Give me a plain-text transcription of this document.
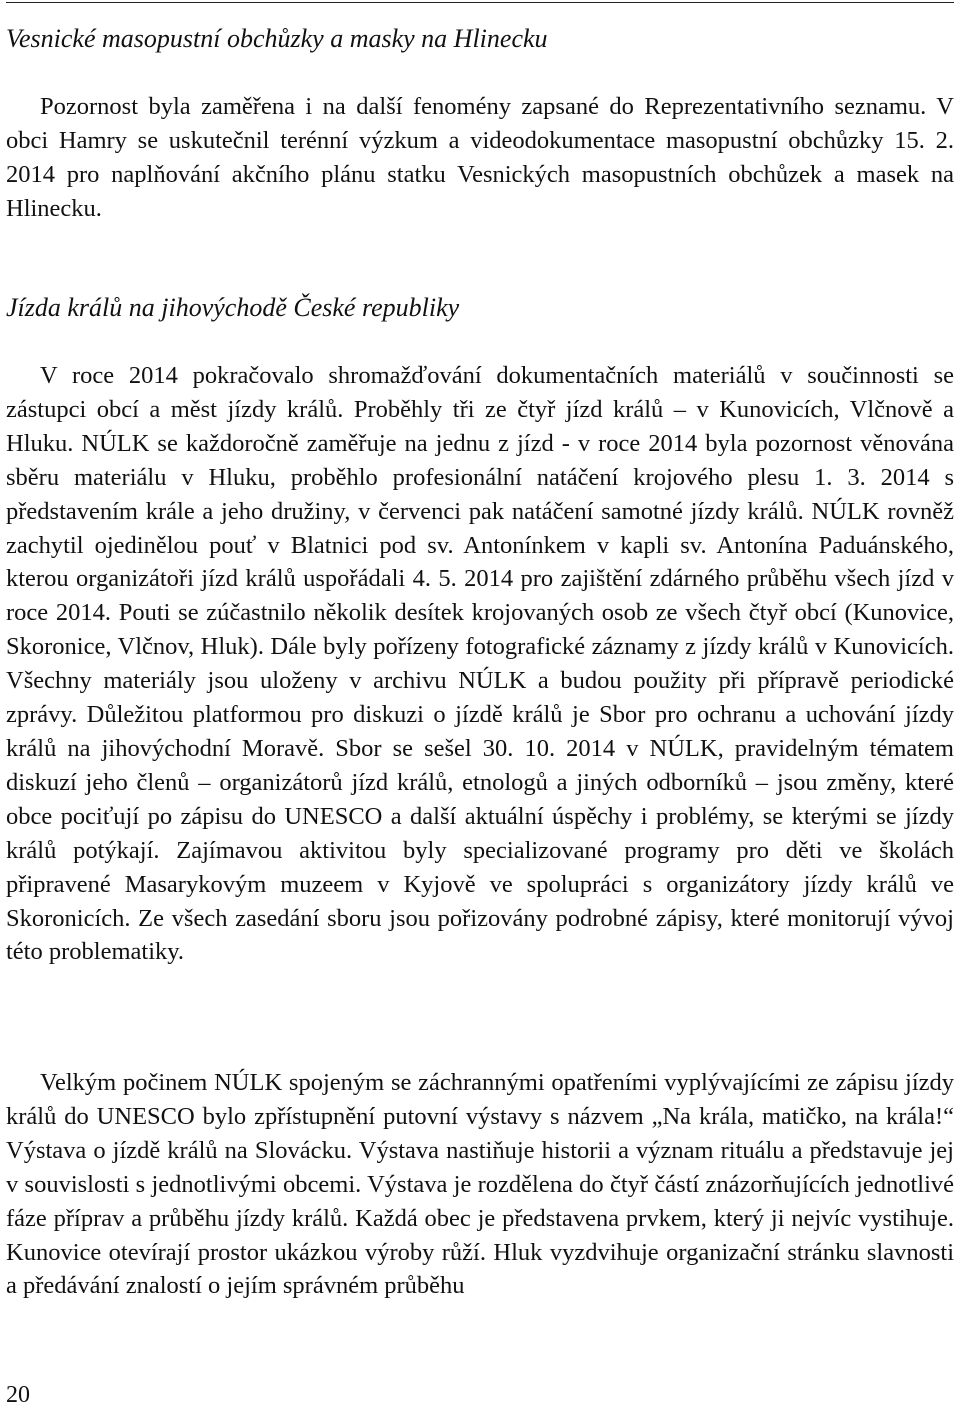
Vesnické masopustní obchůzky a masky na Hlinecku

Pozornost byla zaměřena i na další fenomény zapsané do Reprezentativního seznamu. V obci Hamry se uskutečnil terénní výzkum a videodokumentace masopustní obchůzky 15. 2. 2014 pro naplňování akčního plánu statku Vesnických masopustních obchůzek a masek na Hlinecku.

Jízda králů na jihovýchodě České republiky

V roce 2014 pokračovalo shromažďování dokumentačních materiálů v součinnosti se zástupci obcí a měst jízdy králů. Proběhly tři ze čtyř jízd králů – v Kunovicích, Vlčnově a Hluku. NÚLK se každoročně zaměřuje na jednu z jízd - v roce 2014 byla pozornost věnována sběru materiálu v Hluku, proběhlo profesionální natáčení krojového plesu 1. 3. 2014 s představením krále a jeho družiny, v červenci pak natáčení samotné jízdy králů. NÚLK rovněž zachytil ojedinělou pouť v Blatnici pod sv. Antonínkem v kapli sv. Antonína Paduánského, kterou organizátoři jízd králů uspořádali 4. 5. 2014 pro zajištění zdárného průběhu všech jízd v roce 2014. Pouti se zúčastnilo několik desítek krojovaných osob ze všech čtyř obcí (Kunovice, Skoronice, Vlčnov, Hluk). Dále byly pořízeny fotografické záznamy z jízdy králů v Kunovicích. Všechny materiály jsou uloženy v archivu NÚLK a budou použity při přípravě periodické zprávy. Důležitou platformou pro diskuzi o jízdě králů je Sbor pro ochranu a uchování jízdy králů na jihovýchodní Moravě. Sbor se sešel 30. 10. 2014 v NÚLK, pravidelným tématem diskuzí jeho členů – organizátorů jízd králů, etnologů a jiných odborníků – jsou změny, které obce pociťují po zápisu do UNESCO a další aktuální úspěchy i problémy, se kterými se jízdy králů potýkají. Zajímavou aktivitou byly specializované programy pro děti ve školách připravené Masarykovým muzeem v Kyjově ve spolupráci s organizátory jízdy králů ve Skoronicích. Ze všech zasedání sboru jsou pořizovány podrobné zápisy, které monitorují vývoj této problematiky.

Velkým počinem NÚLK spojeným se záchrannými opatřeními vyplývajícími ze zápisu jízdy králů do UNESCO bylo zpřístupnění putovní výstavy s názvem „Na krála, matičko, na krála!“ Výstava o jízdě králů na Slovácku. Výstava nastiňuje historii a význam rituálu a představuje jej v souvislosti s jednotlivými obcemi. Výstava je rozdělena do čtyř částí znázorňujících jednotlivé fáze příprav a průběhu jízdy králů. Každá obec je představena prvkem, který ji nejvíc vystihuje. Kunovice otevírají prostor ukázkou výroby růží. Hluk vyzdvihuje organizační stránku slavnosti a předávání znalostí o jejím správném průběhu

20
